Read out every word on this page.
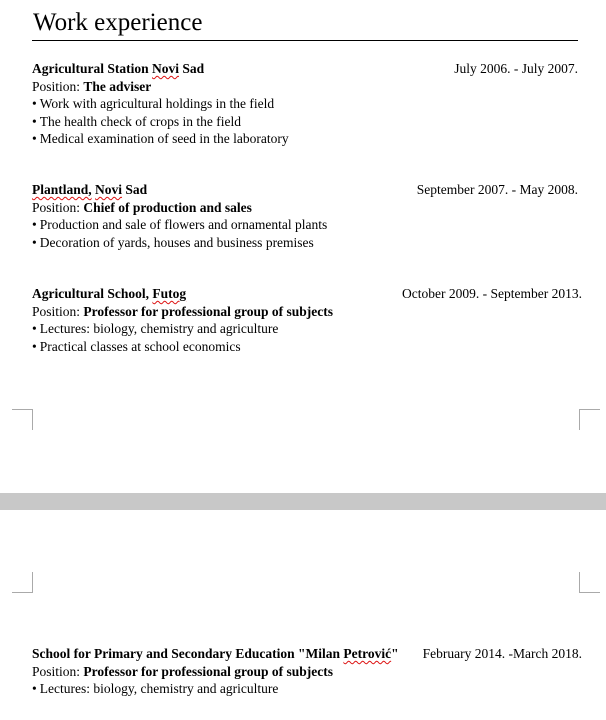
Work experience
Agricultural Station Novi Sad	July 2006. - July 2007.
Position: The adviser
• Work with agricultural holdings in the field
• The health check of crops in the field
• Medical examination of seed in the laboratory
Plantland, Novi Sad	September 2007. - May 2008.
Position: Chief of production and sales
• Production and sale of flowers and ornamental plants
• Decoration of yards, houses and business premises
Agricultural School, Futog	October 2009. - September 2013.
Position: Professor for professional group of subjects
• Lectures: biology, chemistry and agriculture
• Practical classes at school economics
School for Primary and Secondary Education "Milan Petrović" February 2014. -March 2018.
Position: Professor for professional group of subjects
• Lectures: biology, chemistry and agriculture
